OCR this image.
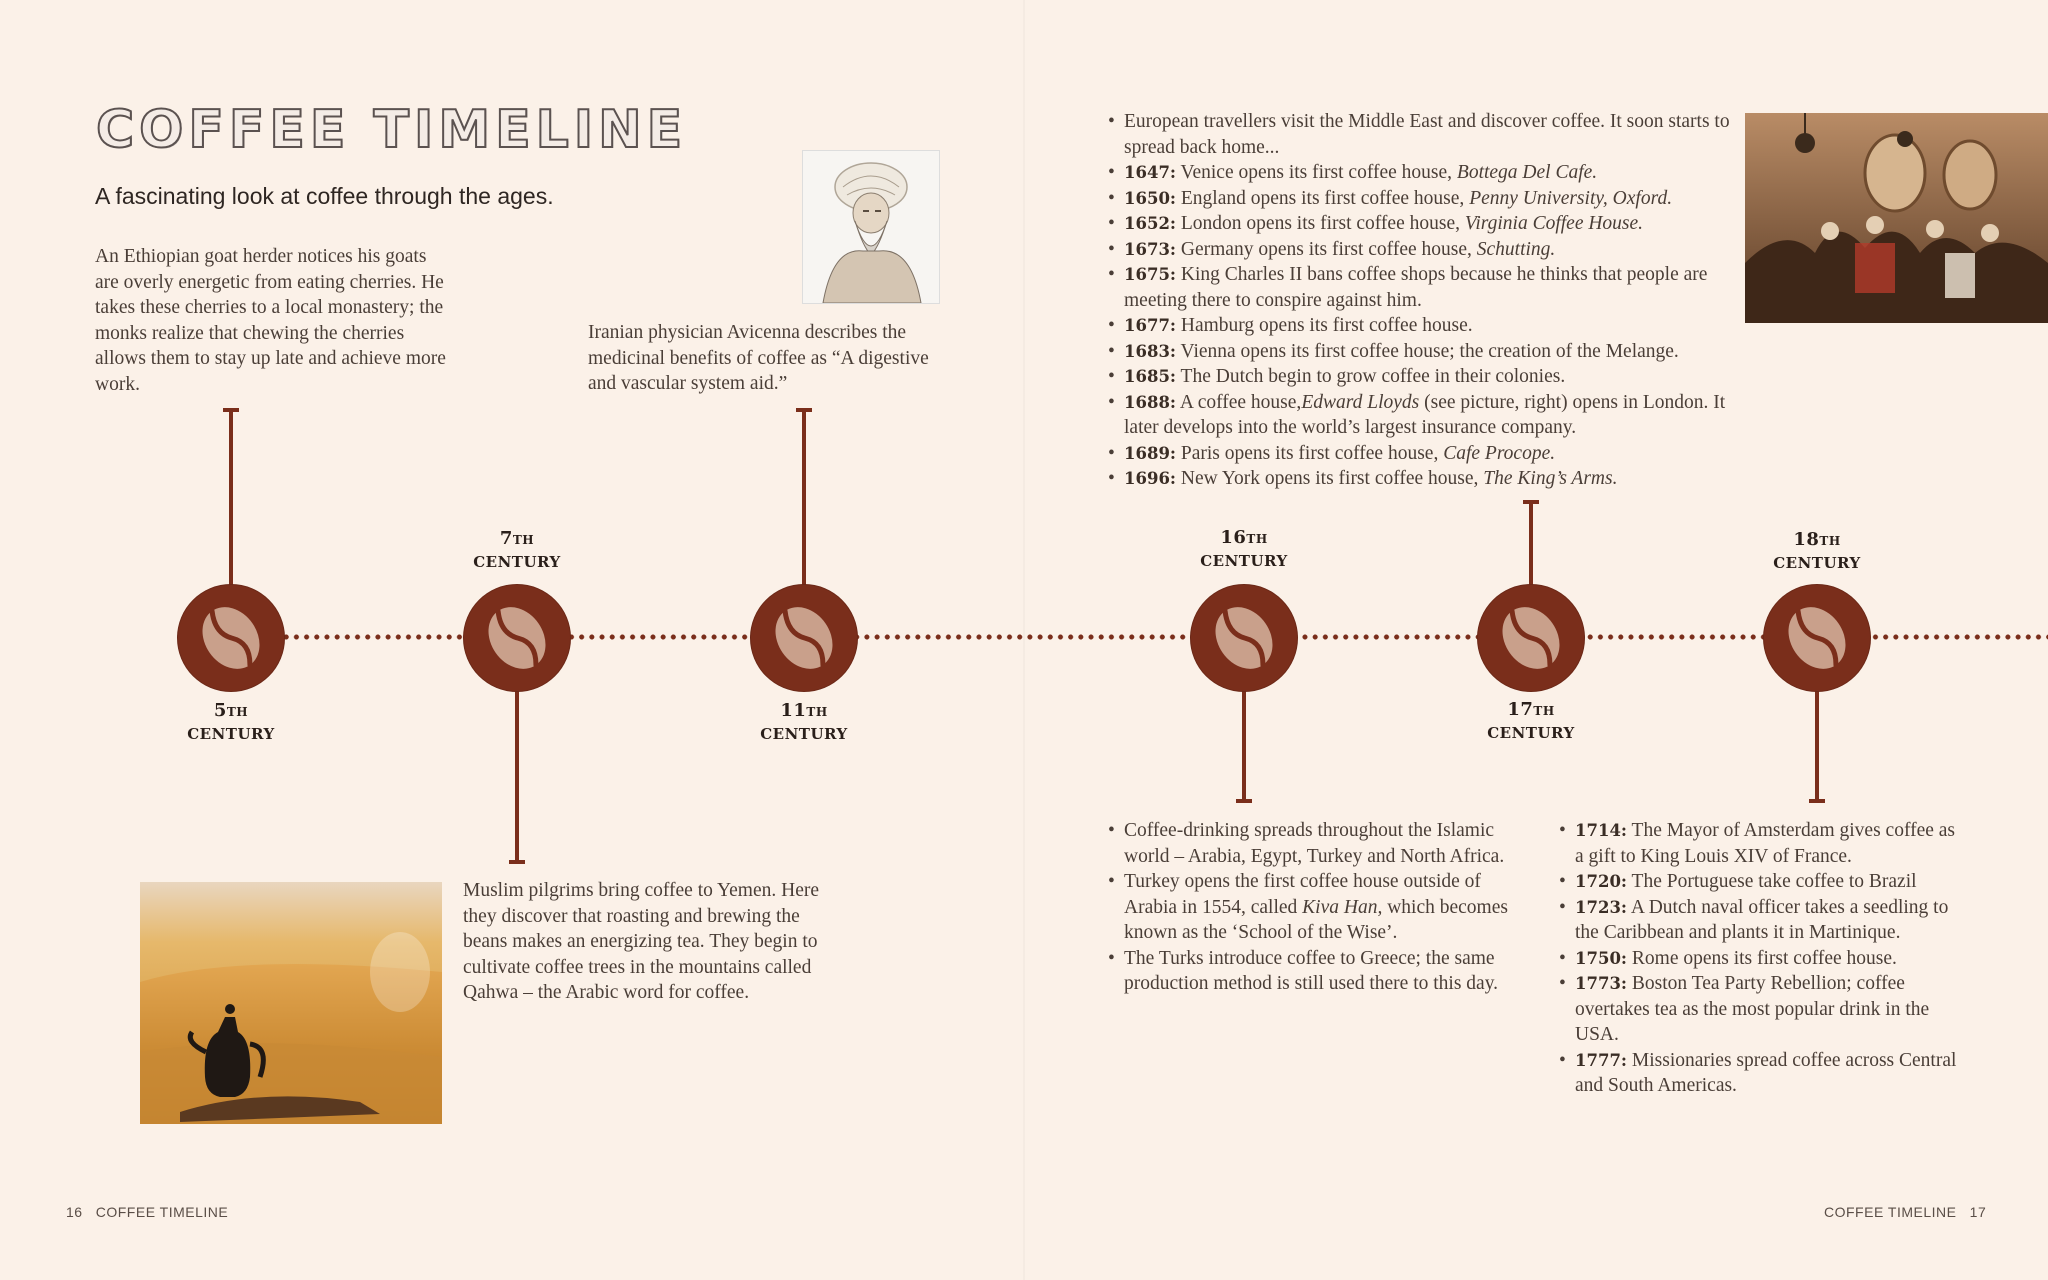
COFFEE TIMELINE
A fascinating look at coffee through the ages.

An Ethiopian goat herder notices his goats are overly energetic from eating cherries. He takes these cherries to a local monastery; the monks realize that chewing the cherries allows them to stay up late and achieve more work.

Iranian physician Avicenna describes the medicinal benefits of coffee as “A digestive and vascular system aid.”

• European travellers visit the Middle East and discover coffee. It soon starts to spread back home...
• 1647: Venice opens its first coffee house, Bottega Del Cafe.
• 1650: England opens its first coffee house, Penny University, Oxford.
• 1652: London opens its first coffee house, Virginia Coffee House.
• 1673: Germany opens its first coffee house, Schutting.
• 1675: King Charles II bans coffee shops because he thinks that people are meeting there to conspire against him.
• 1677: Hamburg opens its first coffee house.
• 1683: Vienna opens its first coffee house; the creation of the Melange.
• 1685: The Dutch begin to grow coffee in their colonies.
• 1688: A coffee house,Edward Lloyds (see picture, right) opens in London. It later develops into the world’s largest insurance company.
• 1689: Paris opens its first coffee house, Cafe Procope.
• 1696: New York opens its first coffee house, The King’s Arms.
5TH
CENTURY
7TH
CENTURY
11TH
CENTURY
16TH
CENTURY
17TH
CENTURY
18TH
CENTURY

Muslim pilgrims bring coffee to Yemen. Here they discover that roasting and brewing the beans makes an energizing tea. They begin to cultivate coffee trees in the mountains called Qahwa – the Arabic word for coffee.

• Coffee-drinking spreads throughout the Islamic world – Arabia, Egypt, Turkey and North Africa.
• Turkey opens the first coffee house outside of Arabia in 1554, called Kiva Han, which becomes known as the ‘School of the Wise’.
• The Turks introduce coffee to Greece; the same production method is still used there to this day.
• 1714: The Mayor of Amsterdam gives coffee as a gift to King Louis XIV of France.
• 1720: The Portuguese take coffee to Brazil
• 1723: A Dutch naval officer takes a seedling to the Caribbean and plants it in Martinique.
• 1750: Rome opens its first coffee house.
• 1773: Boston Tea Party Rebellion; coffee overtakes tea as the most popular drink in the USA.
• 1777: Missionaries spread coffee across Central and South Americas.
16 COFFEE TIMELINE	COFFEE TIMELINE 17
